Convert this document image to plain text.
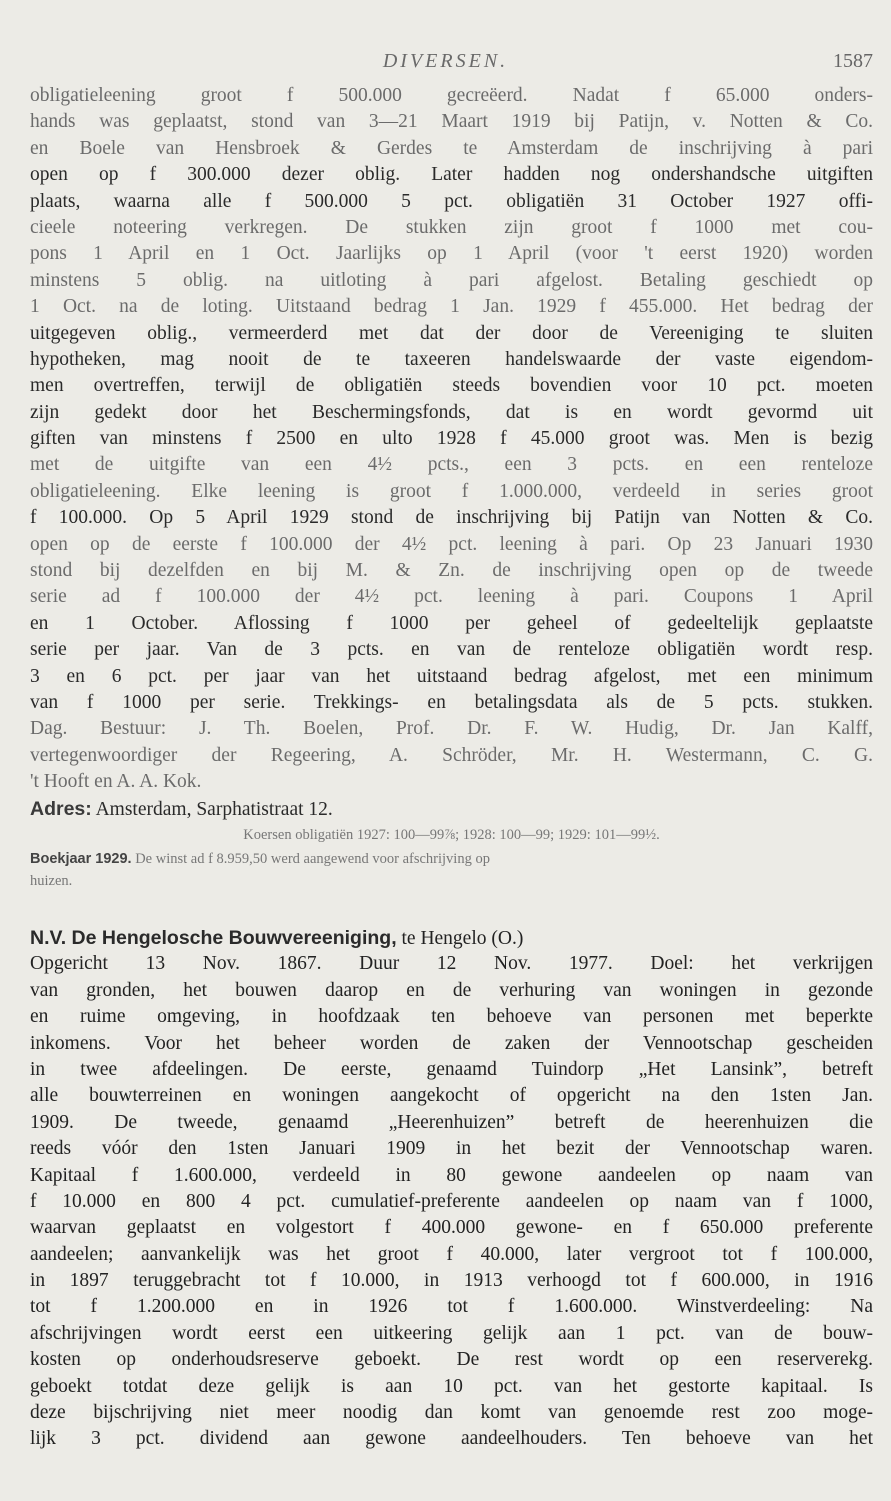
DIVERSEN.	1587
obligatieleening groot f 500.000 gecreëerd. Nadat f 65.000 onders-
hands was geplaatst, stond van 3—21 Maart 1919 bij Patijn, v. Notten & Co.
en Boele van Hensbroek & Gerdes te Amsterdam de inschrijving à pari
open op f 300.000 dezer oblig. Later hadden nog ondershandsche uitgiften
plaats, waarna alle f 500.000 5 pct. obligatiën 31 October 1927 offi-
cieele noteering verkregen. De stukken zijn groot f 1000 met cou-
pons 1 April en 1 Oct. Jaarlijks op 1 April (voor 't eerst 1920) worden
minstens 5 oblig. na uitloting à pari afgelost. Betaling geschiedt op
1 Oct. na de loting. Uitstaand bedrag 1 Jan. 1929 f 455.000. Het bedrag der
uitgegeven oblig., vermeerderd met dat der door de Vereeniging te sluiten
hypotheken, mag nooit de te taxeeren handelswaarde der vaste eigendom-
men overtreffen, terwijl de obligatiën steeds bovendien voor 10 pct. moeten
zijn gedekt door het Beschermingsfonds, dat is en wordt gevormd uit
giften van minstens f 2500 en ulto 1928 f 45.000 groot was. Men is bezig
met de uitgifte van een 4½ pcts., een 3 pcts. en een renteloze
obligatieleening. Elke leening is groot f 1.000.000, verdeeld in series groot
f 100.000. Op 5 April 1929 stond de inschrijving bij Patijn van Notten & Co.
open op de eerste f 100.000 der 4½ pct. leening à pari. Op 23 Januari 1930
stond bij dezelfden en bij M. & Zn. de inschrijving open op de tweede
serie ad f 100.000 der 4½ pct. leening à pari. Coupons 1 April
en 1 October. Aflossing f 1000 per geheel of gedeeltelijk geplaatste
serie per jaar. Van de 3 pcts. en van de renteloze obligatiën wordt resp.
3 en 6 pct. per jaar van het uitstaand bedrag afgelost, met een minimum
van f 1000 per serie. Trekkings- en betalingsdata als de 5 pcts. stukken.
Dag. Bestuur: J. Th. Boelen, Prof. Dr. F. W. Hudig, Dr. Jan Kalff,
vertegenwoordiger der Regeering, A. Schröder, Mr. H. Westermann, C. G.
't Hooft en A. A. Kok.
Adres: Amsterdam, Sarphatistraat 12.
Koersen obligatiën 1927: 100—99⅞; 1928: 100—99; 1929: 101—99½.
Boekjaar 1929. De winst ad f 8.959,50 werd aangewend voor afschrijving op
huizen.
N.V. De Hengelosche Bouwvereeniging, te Hengelo (O.)
Opgericht 13 Nov. 1867. Duur 12 Nov. 1977. Doel: het verkrijgen
van gronden, het bouwen daarop en de verhuring van woningen in gezonde
en ruime omgeving, in hoofdzaak ten behoeve van personen met beperkte
inkomens. Voor het beheer worden de zaken der Vennootschap gescheiden
in twee afdeelingen. De eerste, genaamd Tuindorp „Het Lansink”, betreft
alle bouwterreinen en woningen aangekocht of opgericht na den 1sten Jan.
1909. De tweede, genaamd „Heerenhuizen” betreft de heerenhuizen die
reeds vóór den 1sten Januari 1909 in het bezit der Vennootschap waren.
Kapitaal f 1.600.000, verdeeld in 80 gewone aandeelen op naam van
f 10.000 en 800 4 pct. cumulatief-preferente aandeelen op naam van f 1000,
waarvan geplaatst en volgestort f 400.000 gewone- en f 650.000 preferente
aandeelen; aanvankelijk was het groot f 40.000, later vergroot tot f 100.000,
in 1897 teruggebracht tot f 10.000, in 1913 verhoogd tot f 600.000, in 1916
tot f 1.200.000 en in 1926 tot f 1.600.000. Winstverdeeling: Na
afschrijvingen wordt eerst een uitkeering gelijk aan 1 pct. van de bouw-
kosten op onderhoudsreserve geboekt. De rest wordt op een reserverekg.
geboekt totdat deze gelijk is aan 10 pct. van het gestorte kapitaal. Is
deze bijschrijving niet meer noodig dan komt van genoemde rest zoo moge-
lijk 3 pct. dividend aan gewone aandeelhouders. Ten behoeve van het
